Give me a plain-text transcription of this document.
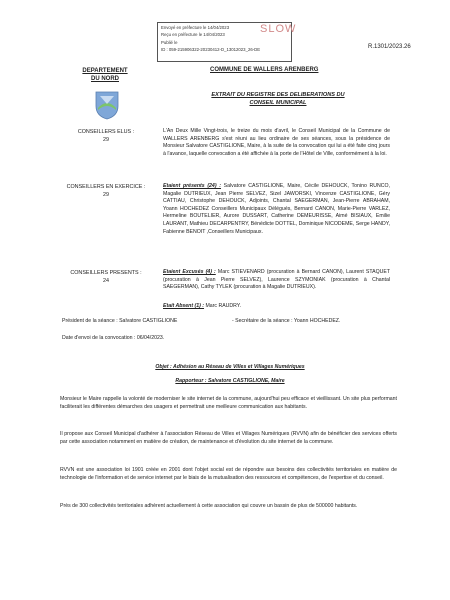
Envoyé en préfecture le 14/04/2023
Reçu en préfecture le 14/04/2023
Publié le
ID : 059-215906322-20230412-D_13012023_26-DE
SLOW
R.1301/2023.26
DEPARTEMENT
DU NORD
COMMUNE DE WALLERS ARENBERG
EXTRAIT DU REGISTRE DES DELIBERATIONS DU
CONSEIL MUNICIPAL
CONSEILLERS ELUS :
29
L'An Deux Mille Vingt-trois, le treize du mois d'avril, le Conseil Municipal de la Commune de WALLERS ARENBERG s'est réuni au lieu ordinaire de ses séances, sous la présidence de Monsieur Salvatore CASTIGLIONE, Maire, à la suite de la convocation qui lui a été faite cinq jours à l'avance, laquelle convocation a été affichée à la porte de l'Hôtel de Ville, conformément à la loi.
CONSEILLERS EN EXERCICE :
29
Etaient présents (24) : Salvatore CASTIGLIONE, Maire, Cécile DEHOUCK, Tonino RUNCO, Magalie DUTRIEUX, Jean Pierre SELVEZ, Sizel JAWORSKI, Vincenze CASTIGLIONE, Géry CATTIAU, Christophe DEHOUCK, Adjoints, Chantal SAEGERMAN, Jean-Pierre ABRAHAM, Yoann HOCHEDEZ Conseillers Municipaux Délégués, Bernard CANON, Marie-Pierre VARLEZ, Hermeline BOUTELIER, Aurore DUSSART, Catherine DEMEURISSE, Aimé BISIAUX, Emilie LAURANT, Mathieu DECARPENTRY, Bénédicte DOTTEL, Dominique NICODEME, Serge HANDY, Fabienne BENOIT ,Conseillers Municipaux.
CONSEILLERS PRESENTS :
24
Etaient Excusés (4) : Marc STIEVENARD (procuration à Bernard CANON), Laurent STAQUET (procuration à Jean Pierre SELVEZ), Laurence SZYMONIAK (procuration à Chantal SAEGERMAN), Cathy TYLEK (procuration à Magalie DUTRIEUX).
Etait Absent (1) : Marc RAUDRY.
Président de la séance : Salvatore CASTIGLIONE	- Secrétaire de la séance : Yoann HOCHEDEZ.
Date d'envoi de la convocation : 06/04/2023.
Objet : Adhésion au Réseau de Villes et Villages Numériques
Rapporteur : Salvatore CASTIGLIONE, Maire
Monsieur le Maire rappelle la volonté de moderniser le site internet de la commune, aujourd'hui peu efficace et vieillissant. Un site plus performant faciliterait les différentes démarches des usagers et permettrait une meilleure communication aux habitants.
Il propose aux Conseil Municipal d'adhérer à l'association Réseau de Villes et Villages Numériques (RVVN) afin de bénéficier des services offerts par cette association notamment en matière de création, de maintenance et d'évolution du site internet de la commune.
RVVN est une association loi 1901 créée en 2001 dont l'objet social est de répondre aux besoins des collectivités territoriales en matière de technologie de l'information et de service internet par le biais de la mutualisation des ressources et compétences, de l'expertise et du conseil.
Près de 300 collectivités territoriales adhèrent actuellement à cette association qui couvre un bassin de plus de 500000 habitants.
